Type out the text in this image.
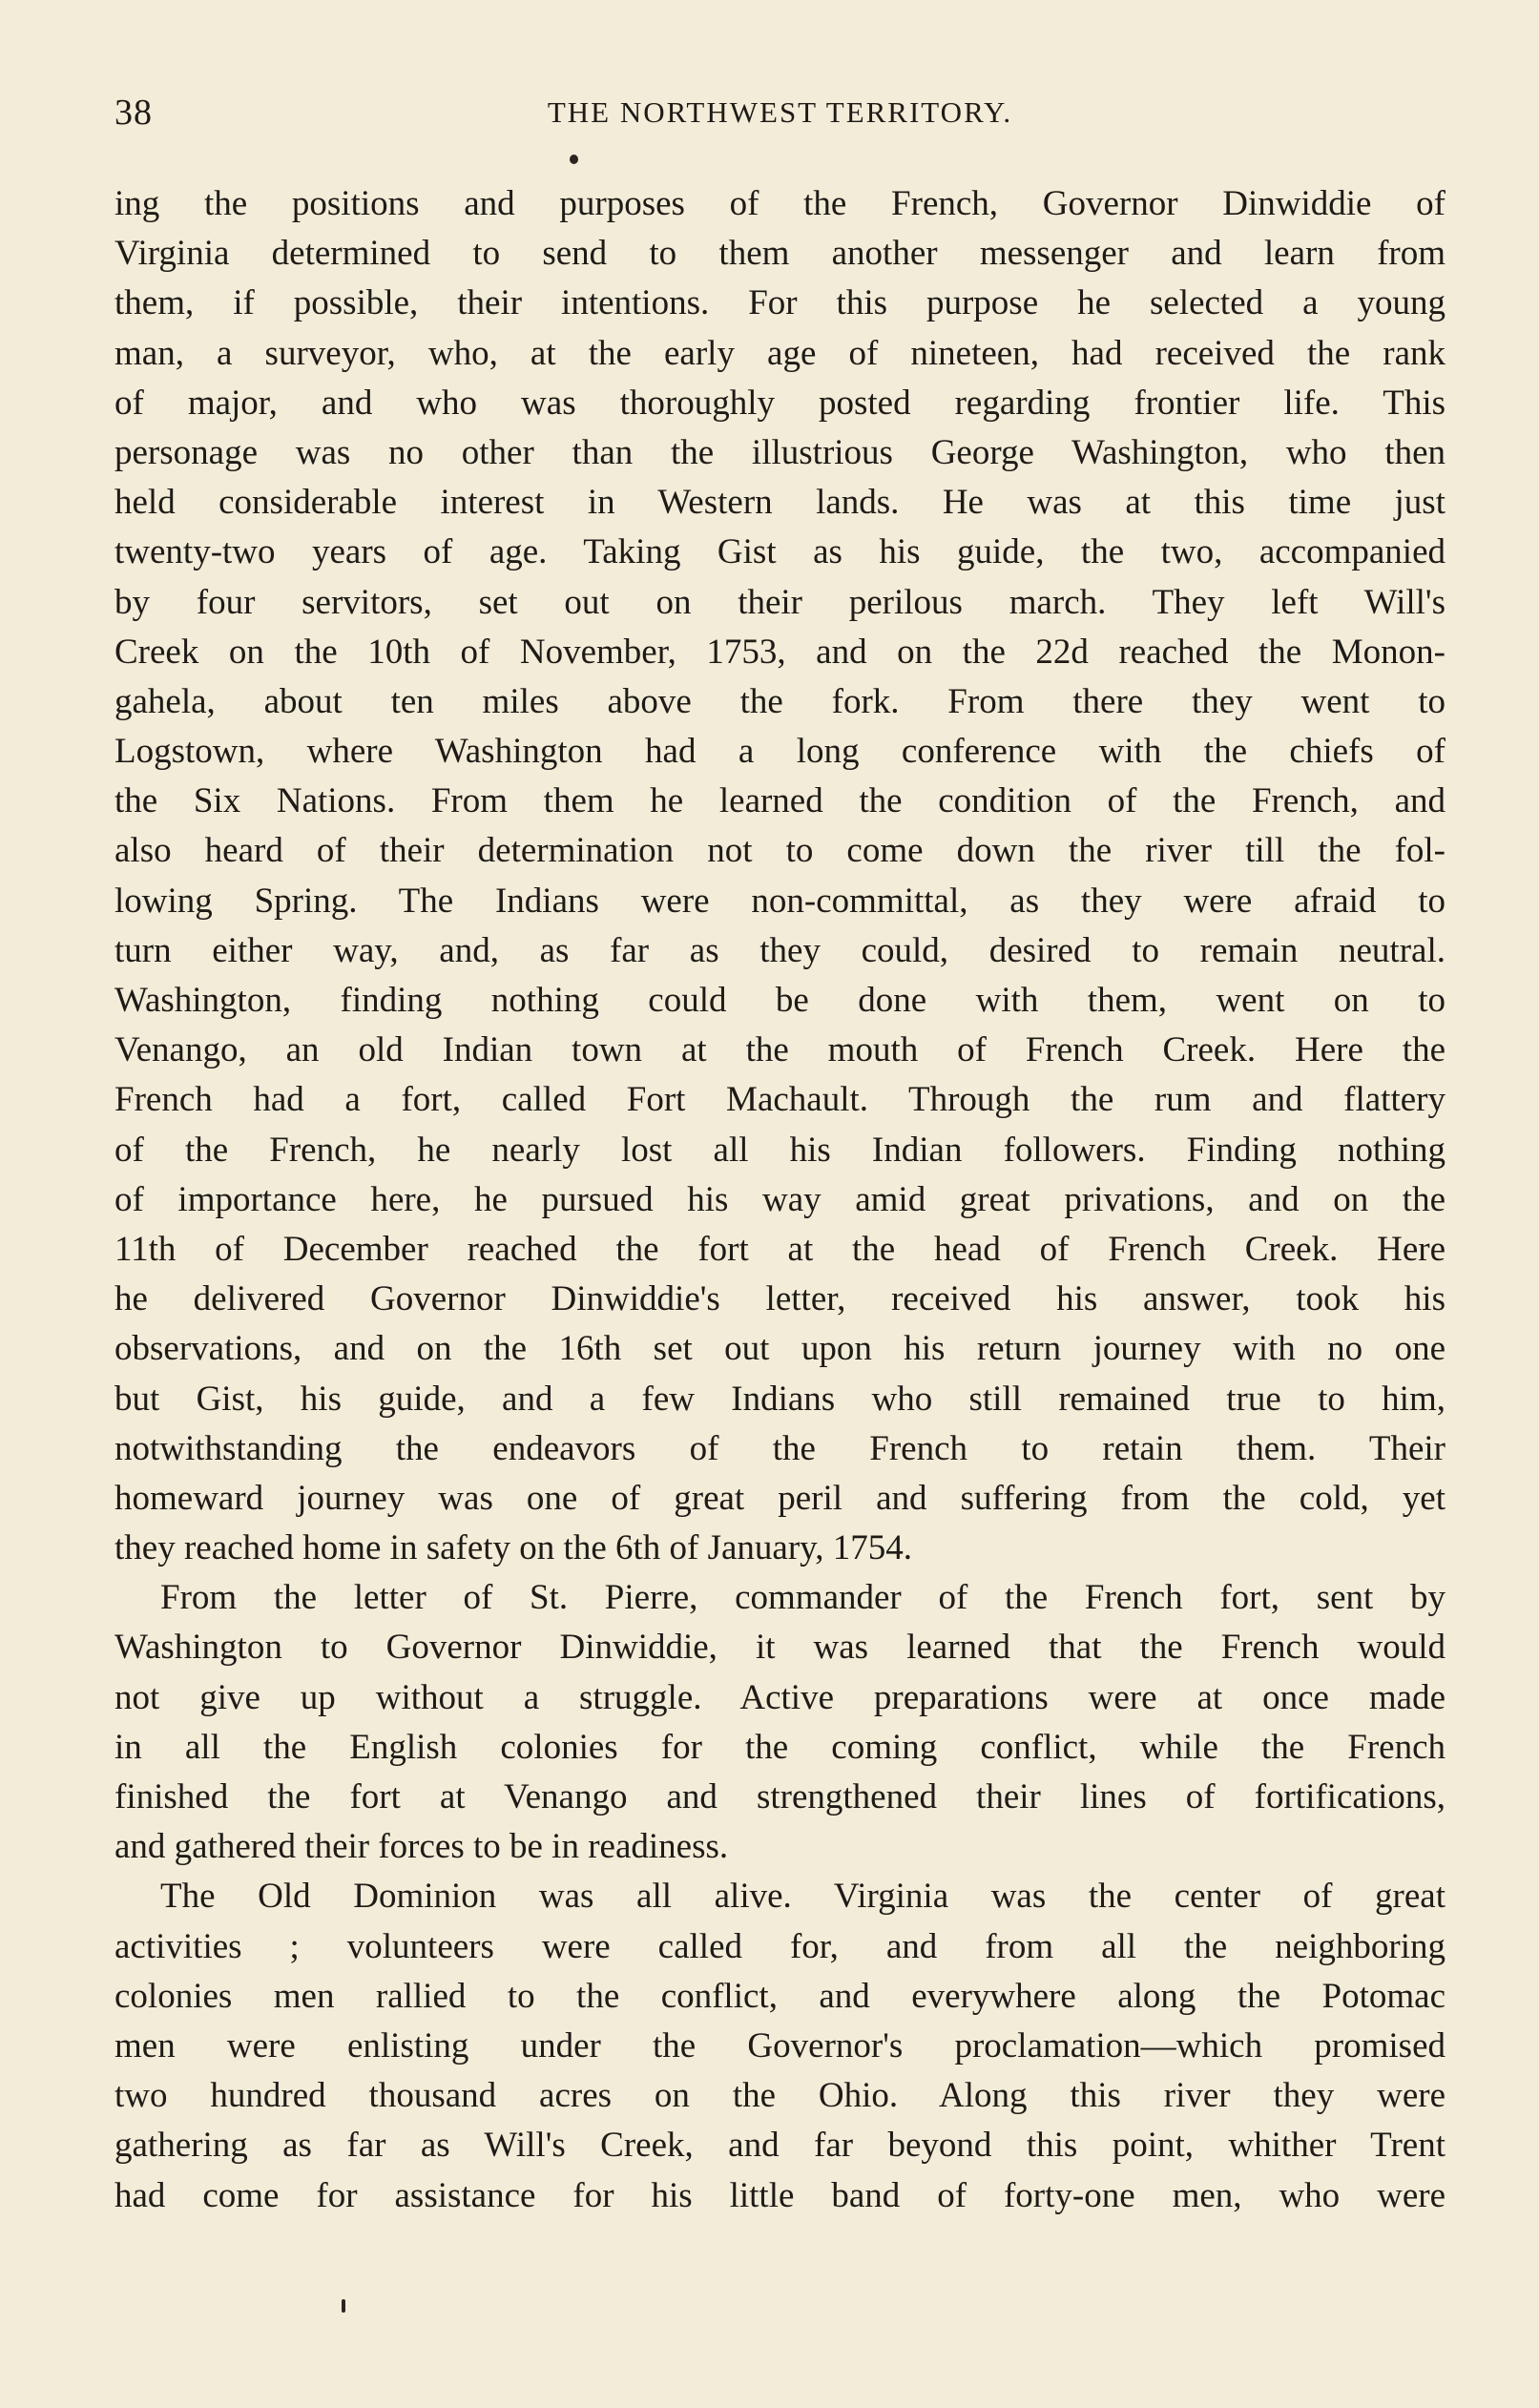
38	THE NORTHWEST TERRITORY.
ing the positions and purposes of the French, Governor Dinwiddie of
Virginia determined to send to them another messenger and learn from
them, if possible, their intentions. For this purpose he selected a young
man, a surveyor, who, at the early age of nineteen, had received the rank
of major, and who was thoroughly posted regarding frontier life. This
personage was no other than the illustrious George Washington, who then
held considerable interest in Western lands. He was at this time just
twenty-two years of age. Taking Gist as his guide, the two, accompanied
by four servitors, set out on their perilous march. They left Will's
Creek on the 10th of November, 1753, and on the 22d reached the Monon-
gahela, about ten miles above the fork. From there they went to
Logstown, where Washington had a long conference with the chiefs of
the Six Nations. From them he learned the condition of the French, and
also heard of their determination not to come down the river till the fol-
lowing Spring. The Indians were non-committal, as they were afraid to
turn either way, and, as far as they could, desired to remain neutral.
Washington, finding nothing could be done with them, went on to
Venango, an old Indian town at the mouth of French Creek. Here the
French had a fort, called Fort Machault. Through the rum and flattery
of the French, he nearly lost all his Indian followers. Finding nothing
of importance here, he pursued his way amid great privations, and on the
11th of December reached the fort at the head of French Creek. Here
he delivered Governor Dinwiddie's letter, received his answer, took his
observations, and on the 16th set out upon his return journey with no one
but Gist, his guide, and a few Indians who still remained true to him,
notwithstanding the endeavors of the French to retain them. Their
homeward journey was one of great peril and suffering from the cold, yet
they reached home in safety on the 6th of January, 1754.
From the letter of St. Pierre, commander of the French fort, sent by
Washington to Governor Dinwiddie, it was learned that the French would
not give up without a struggle. Active preparations were at once made
in all the English colonies for the coming conflict, while the French
finished the fort at Venango and strengthened their lines of fortifications,
and gathered their forces to be in readiness.
The Old Dominion was all alive. Virginia was the center of great
activities ; volunteers were called for, and from all the neighboring
colonies men rallied to the conflict, and everywhere along the Potomac
men were enlisting under the Governor's proclamation—which promised
two hundred thousand acres on the Ohio. Along this river they were
gathering as far as Will's Creek, and far beyond this point, whither Trent
had come for assistance for his little band of forty-one men, who were
